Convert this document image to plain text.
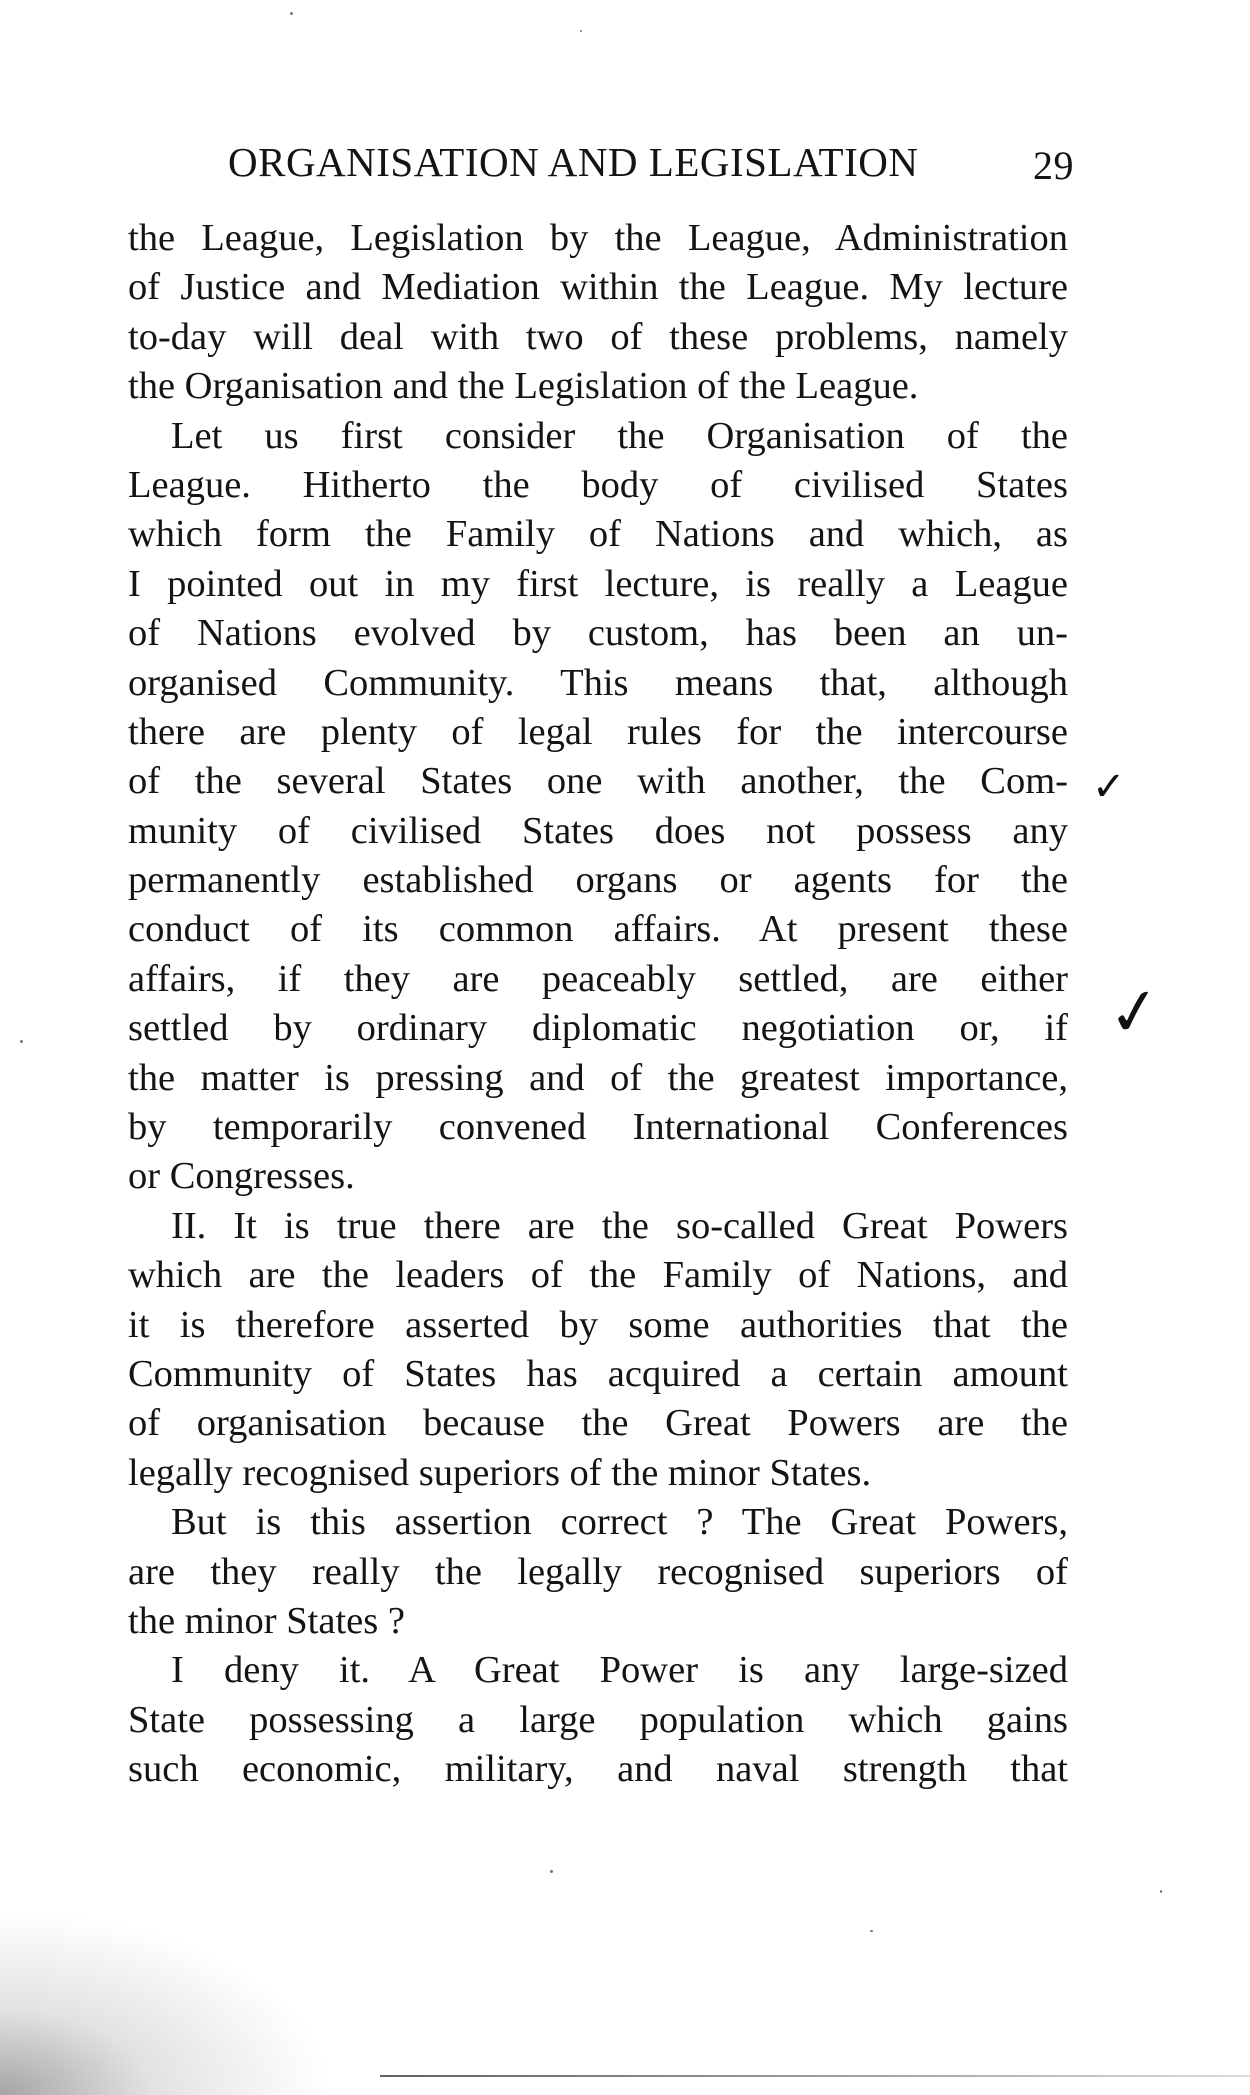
ORGANISATION AND LEGISLATION	29
the League, Legislation by the League, Administration
of Justice and Mediation within the League. My lecture
to-day will deal with two of these problems, namely
the Organisation and the Legislation of the League.
Let us first consider the Organisation of the
League. Hitherto the body of civilised States
which form the Family of Nations and which, as
I pointed out in my first lecture, is really a League
of Nations evolved by custom, has been an un-
organised Community. This means that, although
there are plenty of legal rules for the intercourse
of the several States one with another, the Com-
munity of civilised States does not possess any
permanently established organs or agents for the
conduct of its common affairs. At present these
affairs, if they are peaceably settled, are either
settled by ordinary diplomatic negotiation or, if
the matter is pressing and of the greatest importance,
by temporarily convened International Conferences
or Congresses.
II. It is true there are the so-called Great Powers
which are the leaders of the Family of Nations, and
it is therefore asserted by some authorities that the
Community of States has acquired a certain amount
of organisation because the Great Powers are the
legally recognised superiors of the minor States.
But is this assertion correct ? The Great Powers,
are they really the legally recognised superiors of
the minor States ?
I deny it. A Great Power is any large-sized
State possessing a large population which gains
such economic, military, and naval strength that
✓
✓
